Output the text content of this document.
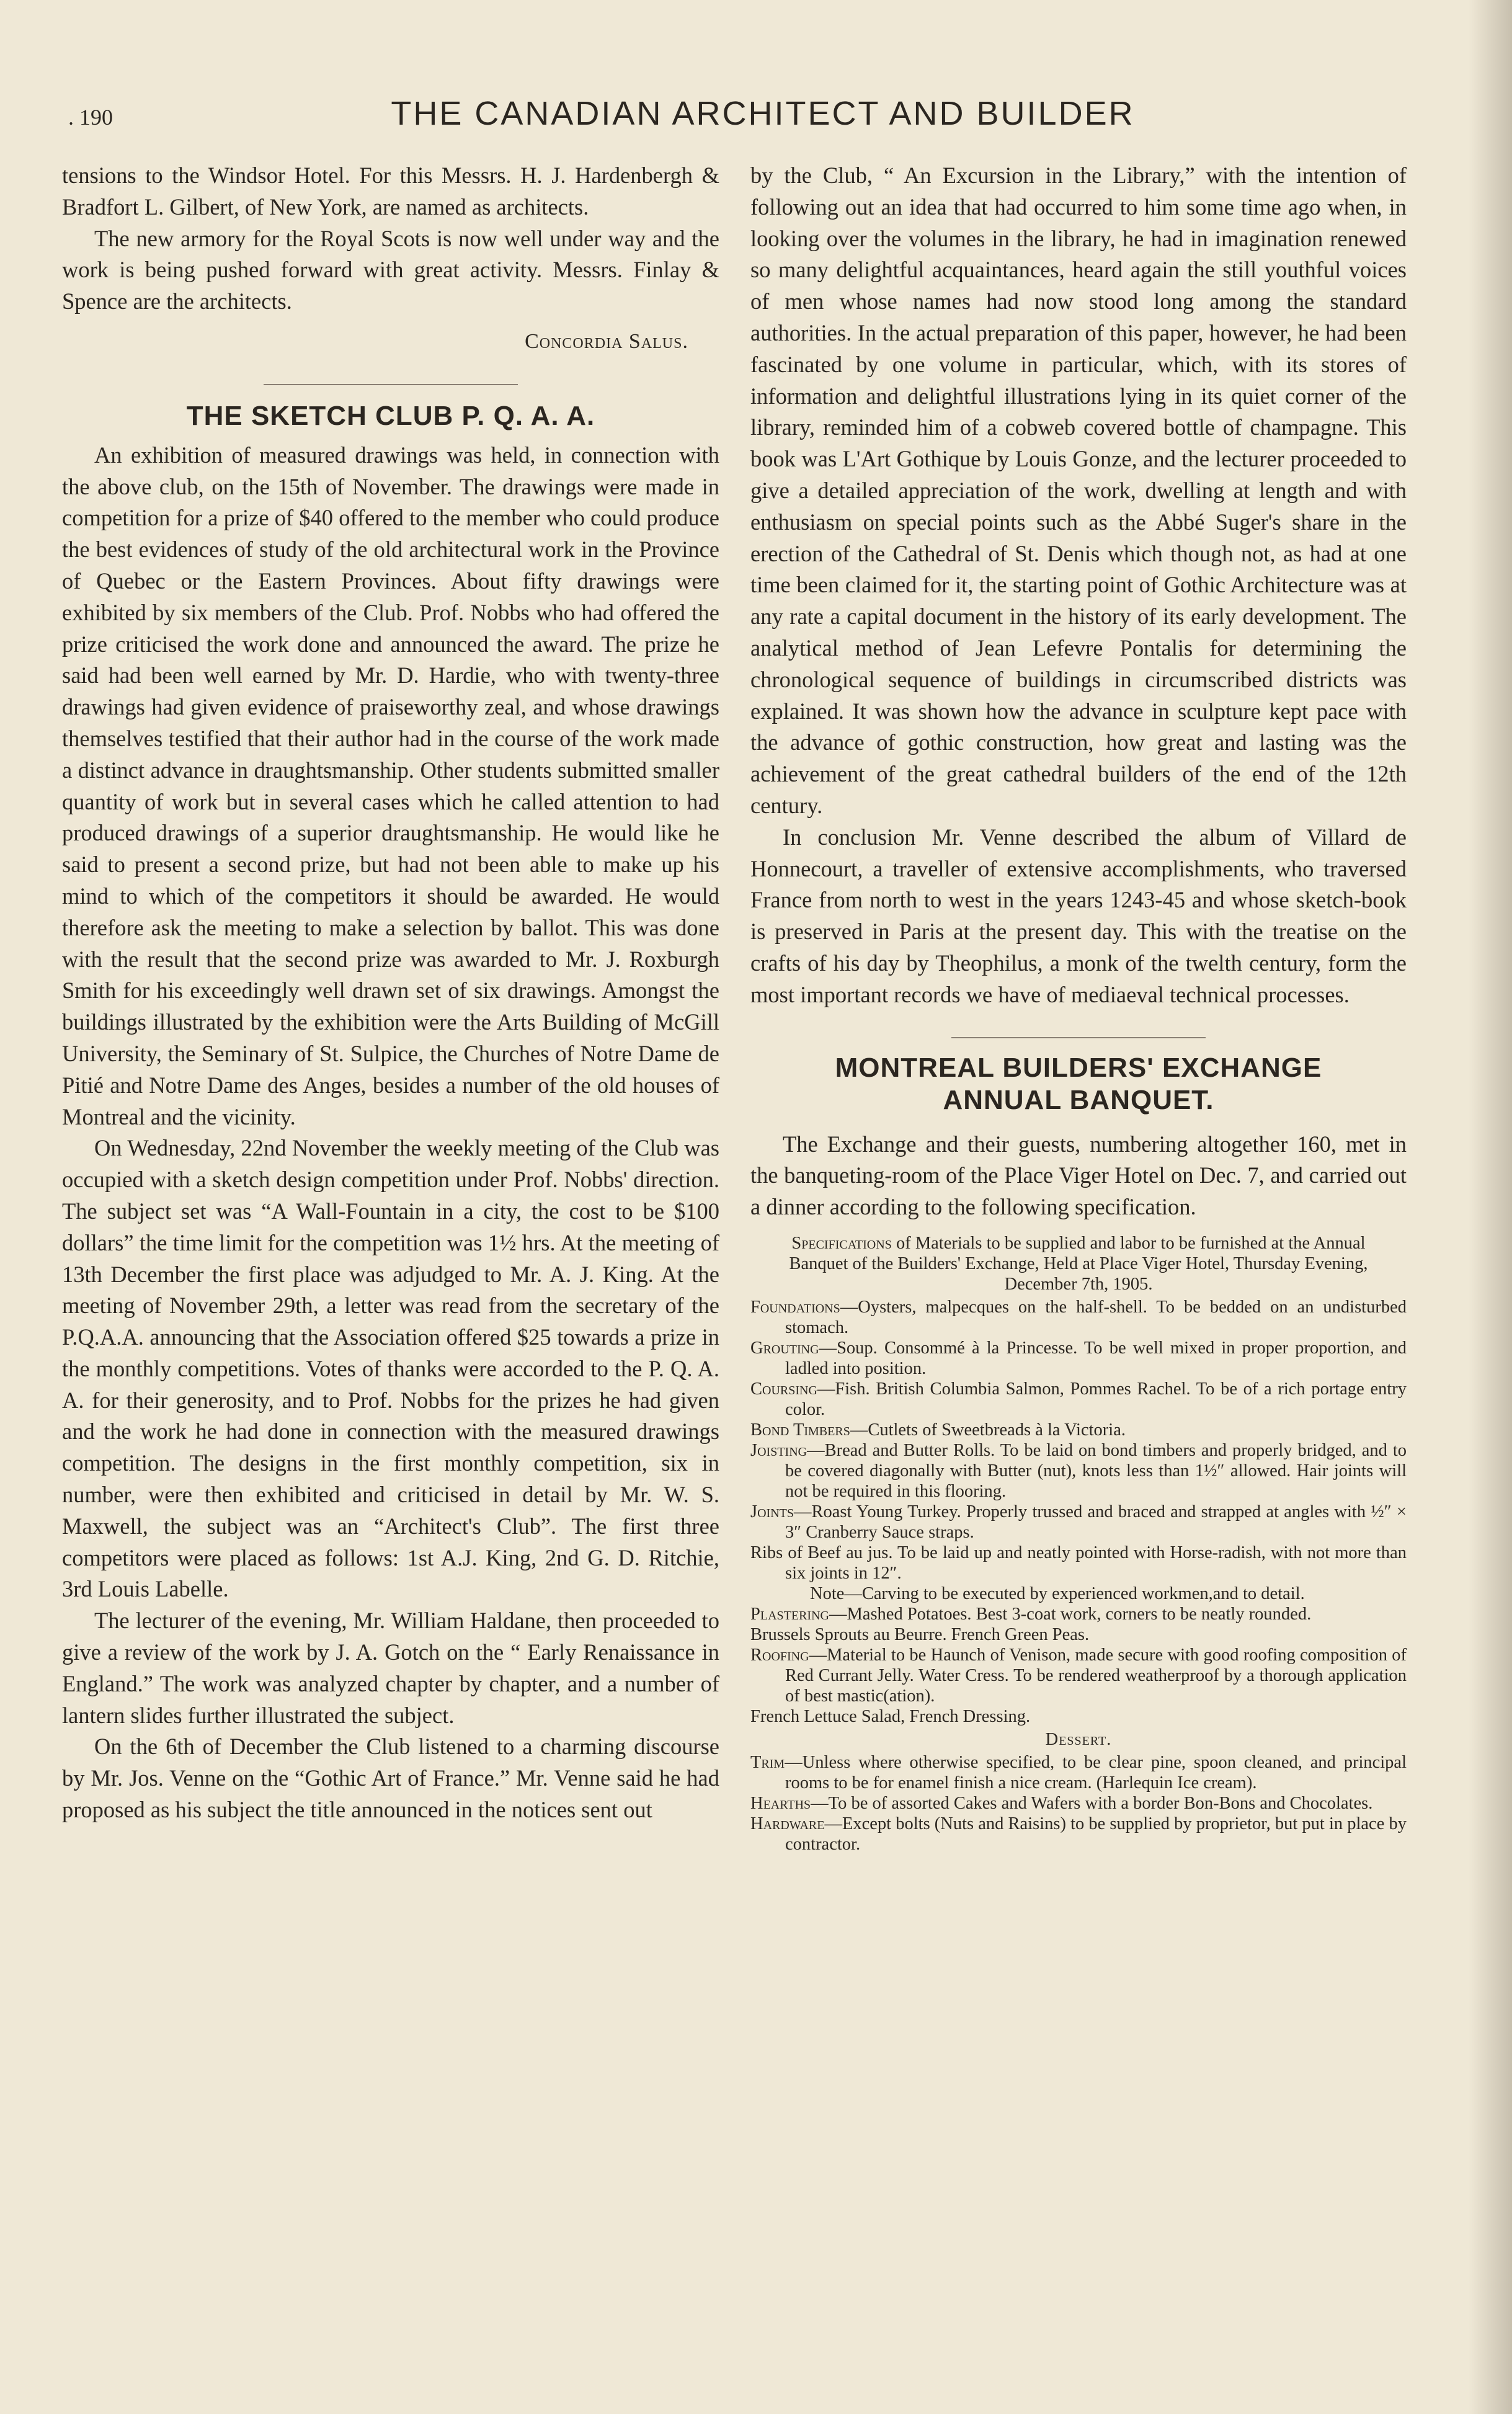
. 190	THE CANADIAN ARCHITECT AND BUILDER

tensions to the Windsor Hotel. For this Messrs. H. J. Hardenbergh & Bradfort L. Gilbert, of New York, are named as architects.

The new armory for the Royal Scots is now well under way and the work is being pushed forward with great activity. Messrs. Finlay & Spence are the architects.

Concordia Salus.
THE SKETCH CLUB P. Q. A. A.

An exhibition of measured drawings was held, in connection with the above club, on the 15th of November. The drawings were made in competition for a prize of $40 offered to the member who could produce the best evidences of study of the old architectural work in the Province of Quebec or the Eastern Provinces. About fifty drawings were exhibited by six members of the Club. Prof. Nobbs who had offered the prize criticised the work done and announced the award. The prize he said had been well earned by Mr. D. Hardie, who with twenty-three drawings had given evidence of praiseworthy zeal, and whose drawings themselves testified that their author had in the course of the work made a distinct advance in draughtsmanship. Other students submitted smaller quantity of work but in several cases which he called attention to had produced drawings of a superior draughtsmanship. He would like he said to present a second prize, but had not been able to make up his mind to which of the competitors it should be awarded. He would therefore ask the meeting to make a selection by ballot. This was done with the result that the second prize was awarded to Mr. J. Roxburgh Smith for his exceedingly well drawn set of six drawings. Amongst the buildings illustrated by the exhibition were the Arts Building of McGill University, the Seminary of St. Sulpice, the Churches of Notre Dame de Pitié and Notre Dame des Anges, besides a number of the old houses of Montreal and the vicinity.

On Wednesday, 22nd November the weekly meeting of the Club was occupied with a sketch design competition under Prof. Nobbs' direction. The subject set was “A Wall-Fountain in a city, the cost to be $100 dollars” the time limit for the competition was 1½ hrs. At the meeting of 13th December the first place was adjudged to Mr. A. J. King. At the meeting of November 29th, a letter was read from the secretary of the P.Q.A.A. announcing that the Association offered $25 towards a prize in the monthly competitions. Votes of thanks were accorded to the P. Q. A. A. for their generosity, and to Prof. Nobbs for the prizes he had given and the work he had done in connection with the measured drawings competition. The designs in the first monthly competition, six in number, were then exhibited and criticised in detail by Mr. W. S. Maxwell, the subject was an “Architect's Club”. The first three competitors were placed as follows: 1st A.J. King, 2nd G. D. Ritchie, 3rd Louis Labelle.

The lecturer of the evening, Mr. William Haldane, then proceeded to give a review of the work by J. A. Gotch on the “ Early Renaissance in England.” The work was analyzed chapter by chapter, and a number of lantern slides further illustrated the subject.

On the 6th of December the Club listened to a charming discourse by Mr. Jos. Venne on the “Gothic Art of France.” Mr. Venne said he had proposed as his subject the title announced in the notices sent out

by the Club, “ An Excursion in the Library,” with the intention of following out an idea that had occurred to him some time ago when, in looking over the volumes in the library, he had in imagination renewed so many delightful acquaintances, heard again the still youthful voices of men whose names had now stood long among the standard authorities. In the actual preparation of this paper, however, he had been fascinated by one volume in particular, which, with its stores of information and delightful illustrations lying in its quiet corner of the library, reminded him of a cobweb covered bottle of champagne. This book was L'Art Gothique by Louis Gonze, and the lecturer proceeded to give a detailed appreciation of the work, dwelling at length and with enthusiasm on special points such as the Abbé Suger's share in the erection of the Cathedral of St. Denis which though not, as had at one time been claimed for it, the starting point of Gothic Architecture was at any rate a capital document in the history of its early development. The analytical method of Jean Lefevre Pontalis for determining the chronological sequence of buildings in circumscribed districts was explained. It was shown how the advance in sculpture kept pace with the advance of gothic construction, how great and lasting was the achievement of the great cathedral builders of the end of the 12th century.

In conclusion Mr. Venne described the album of Villard de Honnecourt, a traveller of extensive accomplishments, who traversed France from north to west in the years 1243-45 and whose sketch-book is preserved in Paris at the present day. This with the treatise on the crafts of his day by Theophilus, a monk of the twelth century, form the most important records we have of mediaeval technical processes.

MONTREAL BUILDERS' EXCHANGE
ANNUAL BANQUET.

The Exchange and their guests, numbering altogether 160, met in the banqueting-room of the Place Viger Hotel on Dec. 7, and carried out a dinner according to the following specification.

Specifications of Materials to be supplied and labor to be furnished at the Annual Banquet of the Builders' Exchange, Held at Place Viger Hotel, Thursday Evening, December 7th, 1905.

Foundations—Oysters, malpecques on the half-shell. To be bedded on an undisturbed stomach.

Grouting—Soup. Consommé à la Princesse. To be well mixed in proper proportion, and ladled into position.

Coursing—Fish. British Columbia Salmon, Pommes Rachel. To be of a rich portage entry color.

Bond Timbers—Cutlets of Sweetbreads à la Victoria.

Joisting—Bread and Butter Rolls. To be laid on bond timbers and properly bridged, and to be covered diagonally with Butter (nut), knots less than 1½″ allowed. Hair joints will not be required in this flooring.

Joints—Roast Young Turkey. Properly trussed and braced and strapped at angles with ½″ × 3″ Cranberry Sauce straps.

Ribs of Beef au jus. To be laid up and neatly pointed with Horse-radish, with not more than six joints in 12″.

Note—Carving to be executed by experienced workmen,and to detail.

Plastering—Mashed Potatoes. Best 3-coat work, corners to be neatly rounded.

Brussels Sprouts au Beurre. French Green Peas.

Roofing—Material to be Haunch of Venison, made secure with good roofing composition of Red Currant Jelly. Water Cress. To be rendered weatherproof by a thorough application of best mastic(ation).

French Lettuce Salad, French Dressing.

Dessert.

Trim—Unless where otherwise specified, to be clear pine, spoon cleaned, and principal rooms to be for enamel finish a nice cream. (Harlequin Ice cream).

Hearths—To be of assorted Cakes and Wafers with a border Bon-Bons and Chocolates.

Hardware—Except bolts (Nuts and Raisins) to be supplied by proprietor, but put in place by contractor.
